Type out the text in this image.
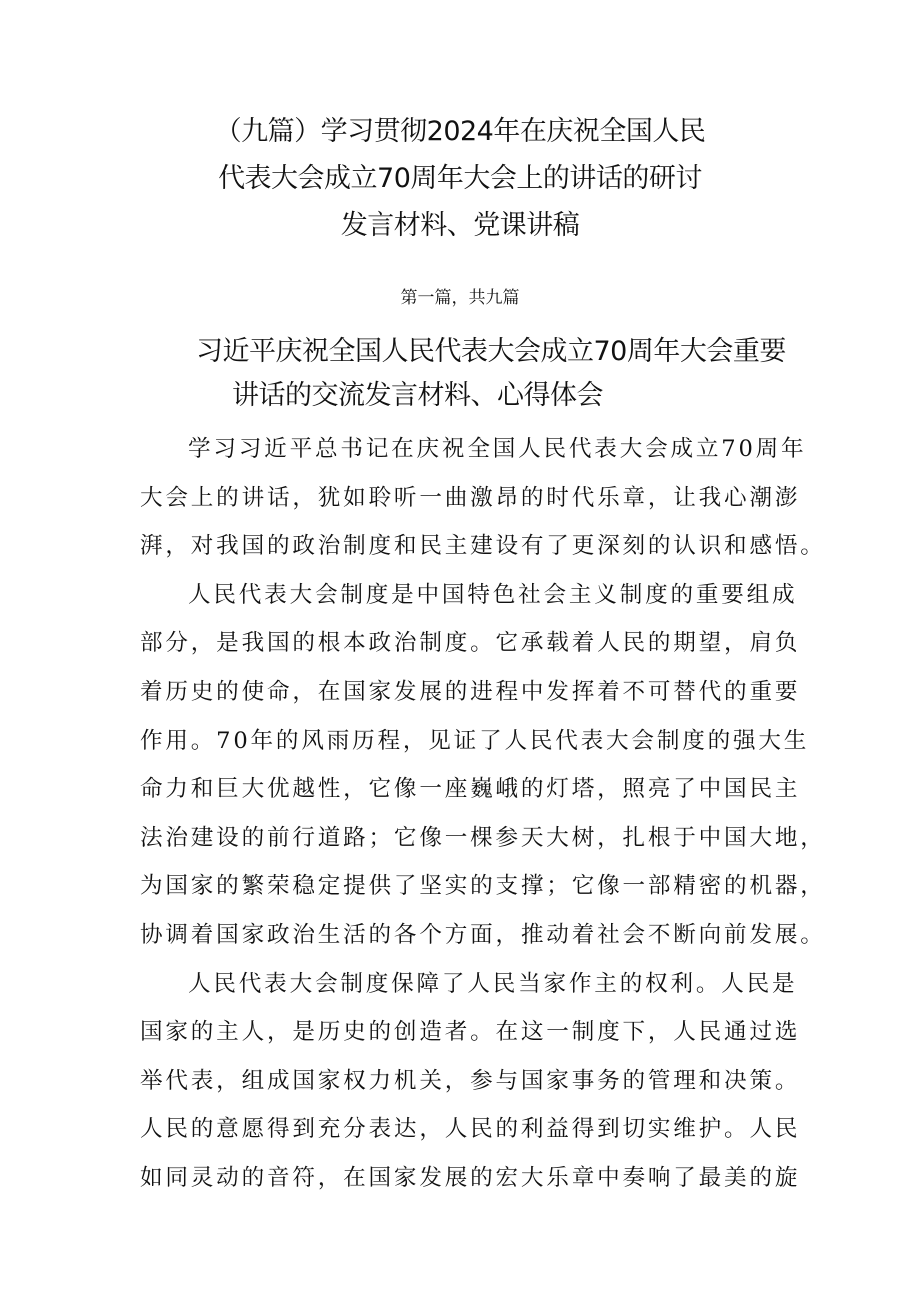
（九篇）学习贯彻2024年在庆祝全国人民
代表大会成立70周年大会上的讲话的研讨
发言材料、党课讲稿

第一篇，共九篇

习近平庆祝全国人民代表大会成立70周年大会重要
讲话的交流发言材料、心得体会
学习习近平总书记在庆祝全国人民代表大会成立70周年
大会上的讲话，犹如聆听一曲激昂的时代乐章，让我心潮澎
湃，对我国的政治制度和民主建设有了更深刻的认识和感悟。
人民代表大会制度是中国特色社会主义制度的重要组成
部分，是我国的根本政治制度。它承载着人民的期望，肩负
着历史的使命，在国家发展的进程中发挥着不可替代的重要
作用。70年的风雨历程，见证了人民代表大会制度的强大生
命力和巨大优越性，它像一座巍峨的灯塔，照亮了中国民主
法治建设的前行道路；它像一棵参天大树，扎根于中国大地，
为国家的繁荣稳定提供了坚实的支撑；它像一部精密的机器，
协调着国家政治生活的各个方面，推动着社会不断向前发展。
人民代表大会制度保障了人民当家作主的权利。人民是
国家的主人，是历史的创造者。在这一制度下，人民通过选
举代表，组成国家权力机关，参与国家事务的管理和决策。
人民的意愿得到充分表达，人民的利益得到切实维护。人民
如同灵动的音符，在国家发展的宏大乐章中奏响了最美的旋
